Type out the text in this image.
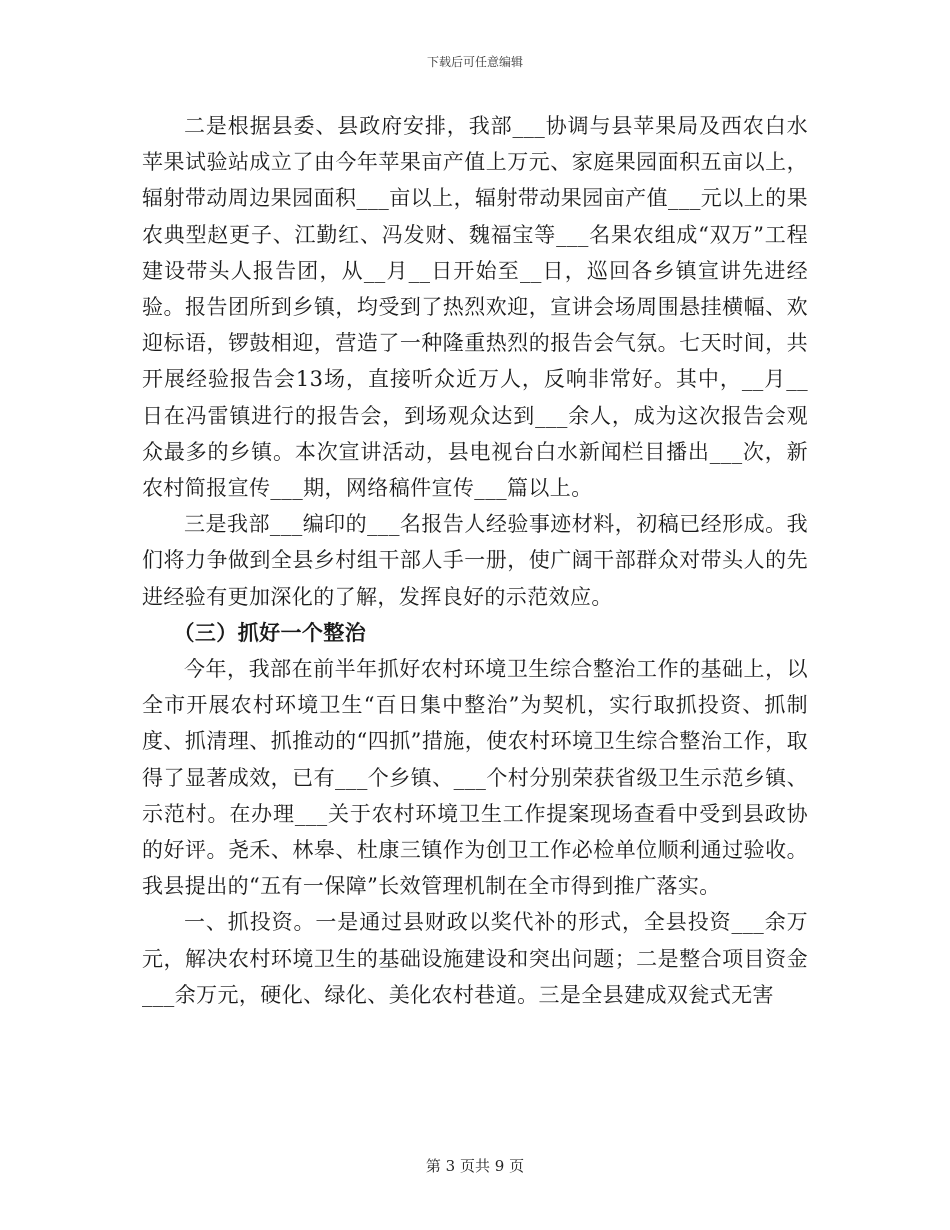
下载后可任意编辑

二是根据县委、县政府安排，我部___协调与县苹果局及西农白水苹果试验站成立了由今年苹果亩产值上万元、家庭果园面积五亩以上，辐射带动周边果园面积___亩以上，辐射带动果园亩产值___元以上的果农典型赵更子、江勤红、冯发财、魏福宝等___名果农组成“双万”工程建设带头人报告团，从__月__日开始至__日，巡回各乡镇宣讲先进经验。报告团所到乡镇，均受到了热烈欢迎，宣讲会场周围悬挂横幅、欢迎标语，锣鼓相迎，营造了一种隆重热烈的报告会气氛。七天时间，共开展经验报告会13场，直接听众近万人，反响非常好。其中，__月__日在冯雷镇进行的报告会，到场观众达到___余人，成为这次报告会观众最多的乡镇。本次宣讲活动，县电视台白水新闻栏目播出___次，新农村简报宣传___期，网络稿件宣传___篇以上。

三是我部___编印的___名报告人经验事迹材料，初稿已经形成。我们将力争做到全县乡村组干部人手一册，使广阔干部群众对带头人的先进经验有更加深化的了解，发挥良好的示范效应。

（三）抓好一个整治

今年，我部在前半年抓好农村环境卫生综合整治工作的基础上，以全市开展农村环境卫生“百日集中整治”为契机，实行取抓投资、抓制度、抓清理、抓推动的“四抓”措施，使农村环境卫生综合整治工作，取得了显著成效，已有___个乡镇、___个村分别荣获省级卫生示范乡镇、示范村。在办理___关于农村环境卫生工作提案现场查看中受到县政协的好评。尧禾、林皋、杜康三镇作为创卫工作必检单位顺利通过验收。我县提出的“五有一保障”长效管理机制在全市得到推广落实。

一、抓投资。一是通过县财政以奖代补的形式，全县投资___余万元，解决农村环境卫生的基础设施建设和突出问题；二是整合项目资金___余万元，硬化、绿化、美化农村巷道。三是全县建成双瓮式无害

第 3 页共 9 页
